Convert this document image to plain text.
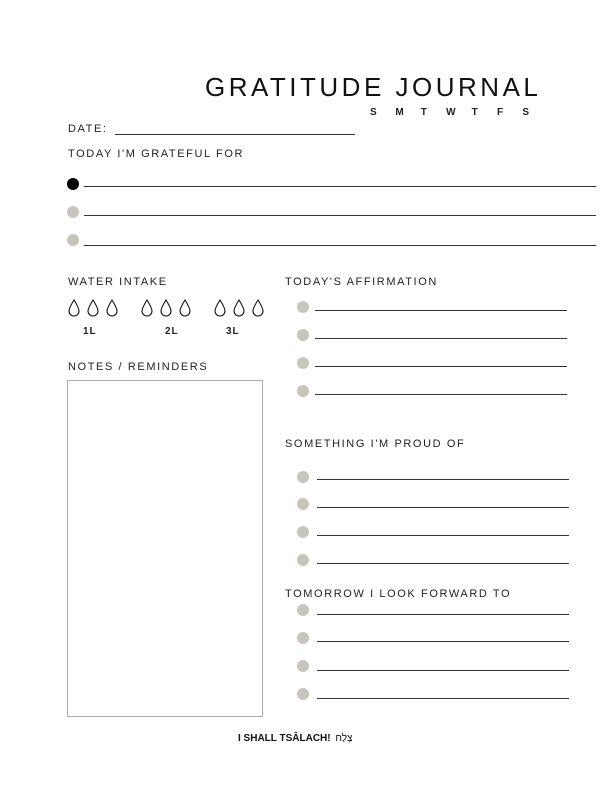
GRATITUDE JOURNAL
S	M	T	W	T	F	S
DATE:
TODAY I'M GRATEFUL FOR
WATER INTAKE
1L	2L	3L
NOTES / REMINDERS
TODAY'S AFFIRMATION
SOMETHING I'M PROUD OF
TOMORROW I LOOK FORWARD TO
I SHALL TSÂLACH! צָלַח
